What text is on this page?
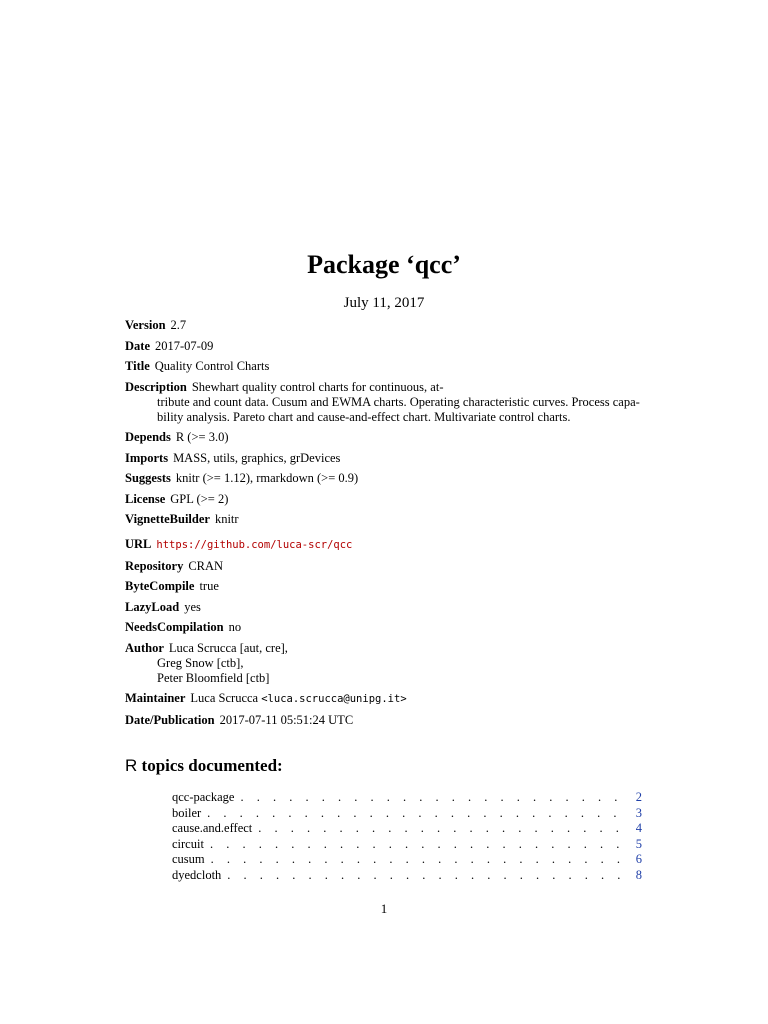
Package ‘qcc’
July 11, 2017
Version 2.7
Date 2017-07-09
Title Quality Control Charts
Description Shewhart quality control charts for continuous, at-
tribute and count data. Cusum and EWMA charts. Operating characteristic curves. Process capa-
bility analysis. Pareto chart and cause-and-effect chart. Multivariate control charts.
Depends R (>= 3.0)
Imports MASS, utils, graphics, grDevices
Suggests knitr (>= 1.12), rmarkdown (>= 0.9)
License GPL (>= 2)
VignetteBuilder knitr
URL https://github.com/luca-scr/qcc
Repository CRAN
ByteCompile true
LazyLoad yes
NeedsCompilation no
Author Luca Scrucca [aut, cre],
Greg Snow [ctb],
Peter Bloomfield [ctb]
Maintainer Luca Scrucca <luca.scrucca@unipg.it>
Date/Publication 2017-07-11 05:51:24 UTC
R topics documented:
qcc-package . . .	2
boiler . . .	3
cause.and.effect . . .	4
circuit . . .	5
cusum . . .	6
dyedcloth . . .	8
1
